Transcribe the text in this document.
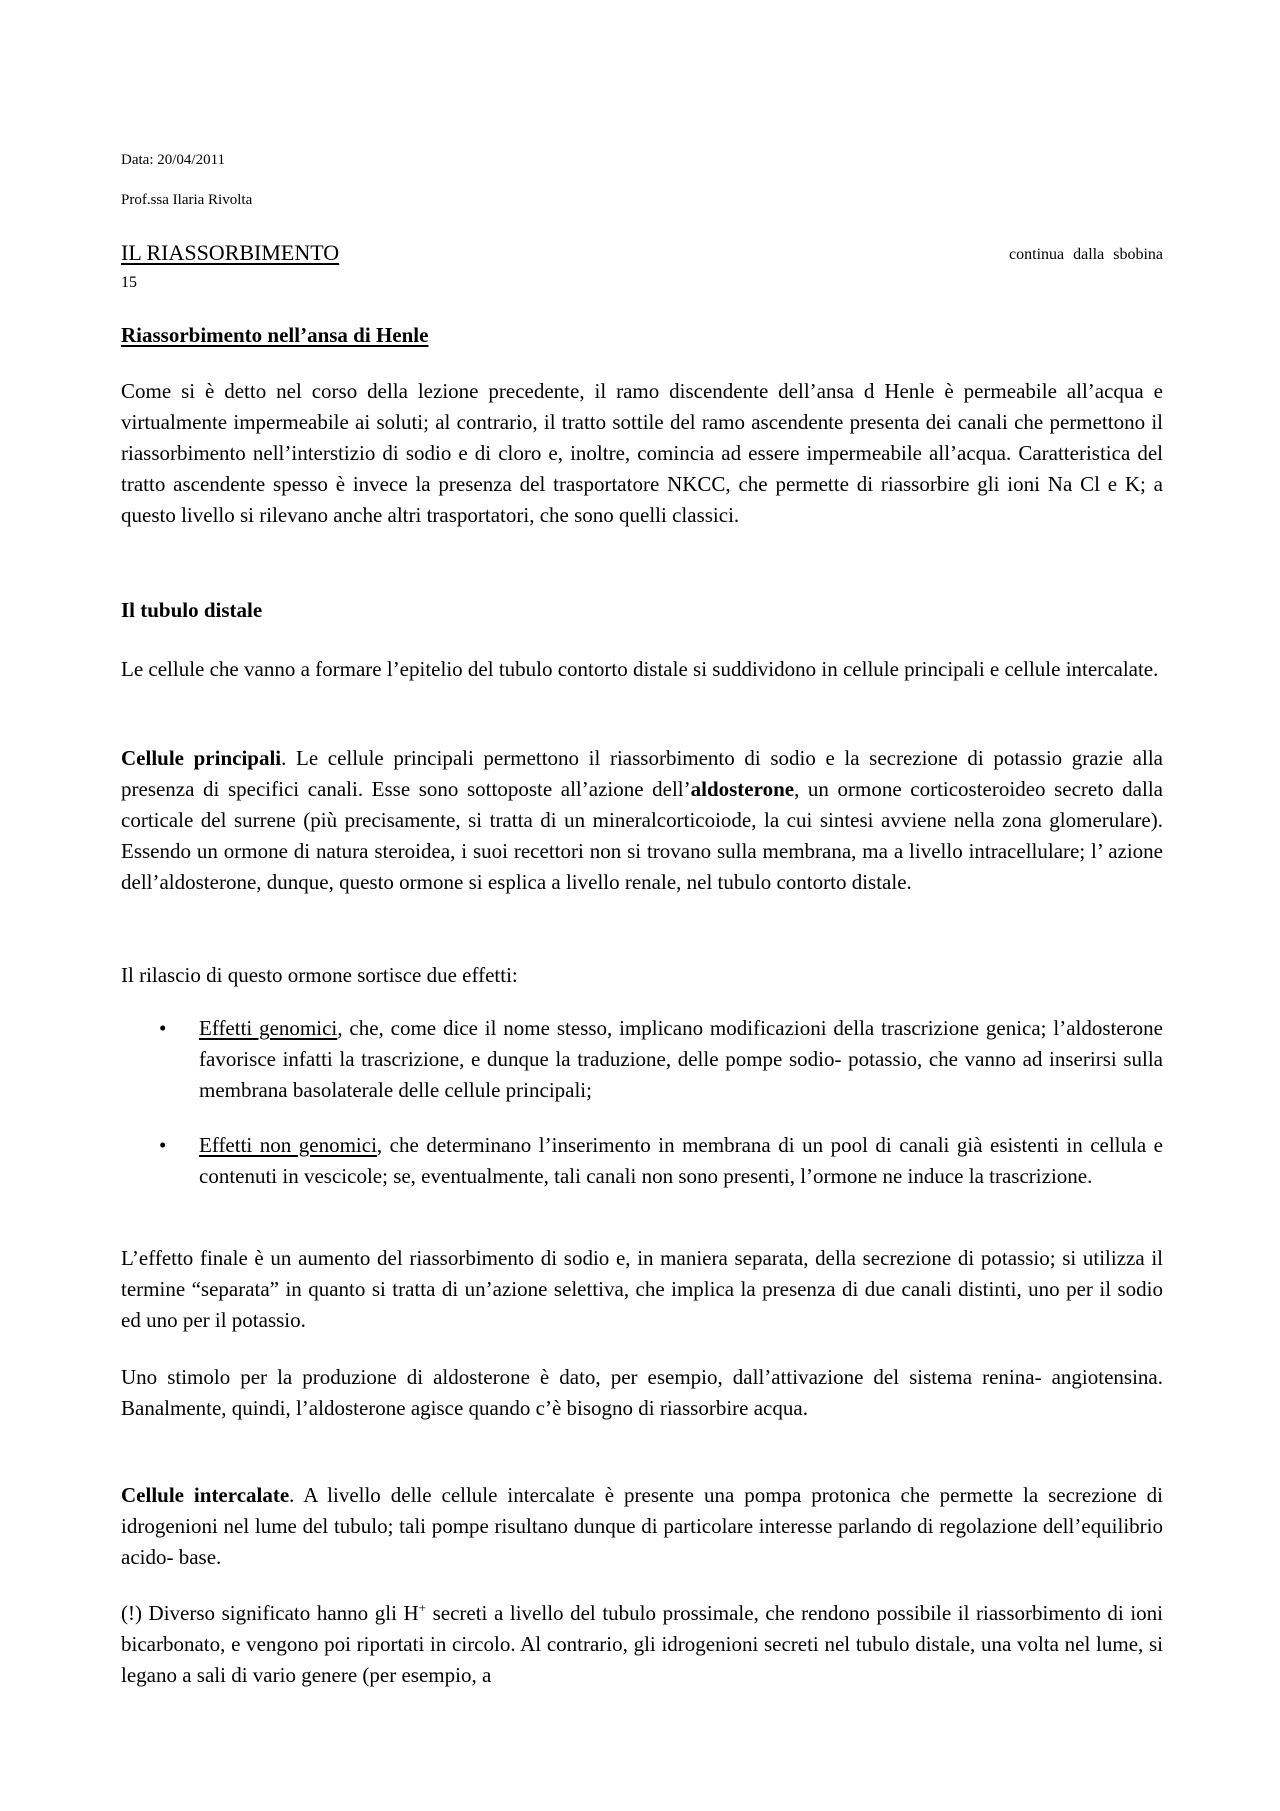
Data: 20/04/2011
Prof.ssa Ilaria Rivolta
IL RIASSORBIMENTO	continua dalla sbobina
15
Riassorbimento nell’ansa di Henle

Come si è detto nel corso della lezione precedente, il ramo discendente dell’ansa d Henle è permeabile all’acqua e virtualmente impermeabile ai soluti; al contrario, il tratto sottile del ramo ascendente presenta dei canali che permettono il riassorbimento nell’interstizio di sodio e di cloro e, inoltre, comincia ad essere impermeabile all’acqua. Caratteristica del tratto ascendente spesso è invece la presenza del trasportatore NKCC, che permette di riassorbire gli ioni Na Cl e K; a questo livello si rilevano anche altri trasportatori, che sono quelli classici.

Il tubulo distale

Le cellule che vanno a formare l’epitelio del tubulo contorto distale si suddividono in cellule principali e cellule intercalate.

Cellule principali. Le cellule principali permettono il riassorbimento di sodio e la secrezione di potassio grazie alla presenza di specifici canali. Esse sono sottoposte all’azione dell’aldosterone, un ormone corticosteroideo secreto dalla corticale del surrene (più precisamente, si tratta di un mineralcorticoiode, la cui sintesi avviene nella zona glomerulare). Essendo un ormone di natura steroidea, i suoi recettori non si trovano sulla membrana, ma a livello intracellulare; l’ azione dell’aldosterone, dunque, questo ormone si esplica a livello renale, nel tubulo contorto distale.

Il rilascio di questo ormone sortisce due effetti:

• Effetti genomici, che, come dice il nome stesso, implicano modificazioni della trascrizione genica; l’aldosterone favorisce infatti la trascrizione, e dunque la traduzione, delle pompe sodio- potassio, che vanno ad inserirsi sulla membrana basolaterale delle cellule principali;
• Effetti non genomici, che determinano l’inserimento in membrana di un pool di canali già esistenti in cellula e contenuti in vescicole; se, eventualmente, tali canali non sono presenti, l’ormone ne induce la trascrizione.

L’effetto finale è un aumento del riassorbimento di sodio e, in maniera separata, della secrezione di potassio; si utilizza il termine “separata” in quanto si tratta di un’azione selettiva, che implica la presenza di due canali distinti, uno per il sodio ed uno per il potassio.

Uno stimolo per la produzione di aldosterone è dato, per esempio, dall’attivazione del sistema renina- angiotensina. Banalmente, quindi, l’aldosterone agisce quando c’è bisogno di riassorbire acqua.

Cellule intercalate. A livello delle cellule intercalate è presente una pompa protonica che permette la secrezione di idrogenioni nel lume del tubulo; tali pompe risultano dunque di particolare interesse parlando di regolazione dell’equilibrio acido- base.

(!) Diverso significato hanno gli H+ secreti a livello del tubulo prossimale, che rendono possibile il riassorbimento di ioni bicarbonato, e vengono poi riportati in circolo. Al contrario, gli idrogenioni secreti nel tubulo distale, una volta nel lume, si legano a sali di vario genere (per esempio, a
